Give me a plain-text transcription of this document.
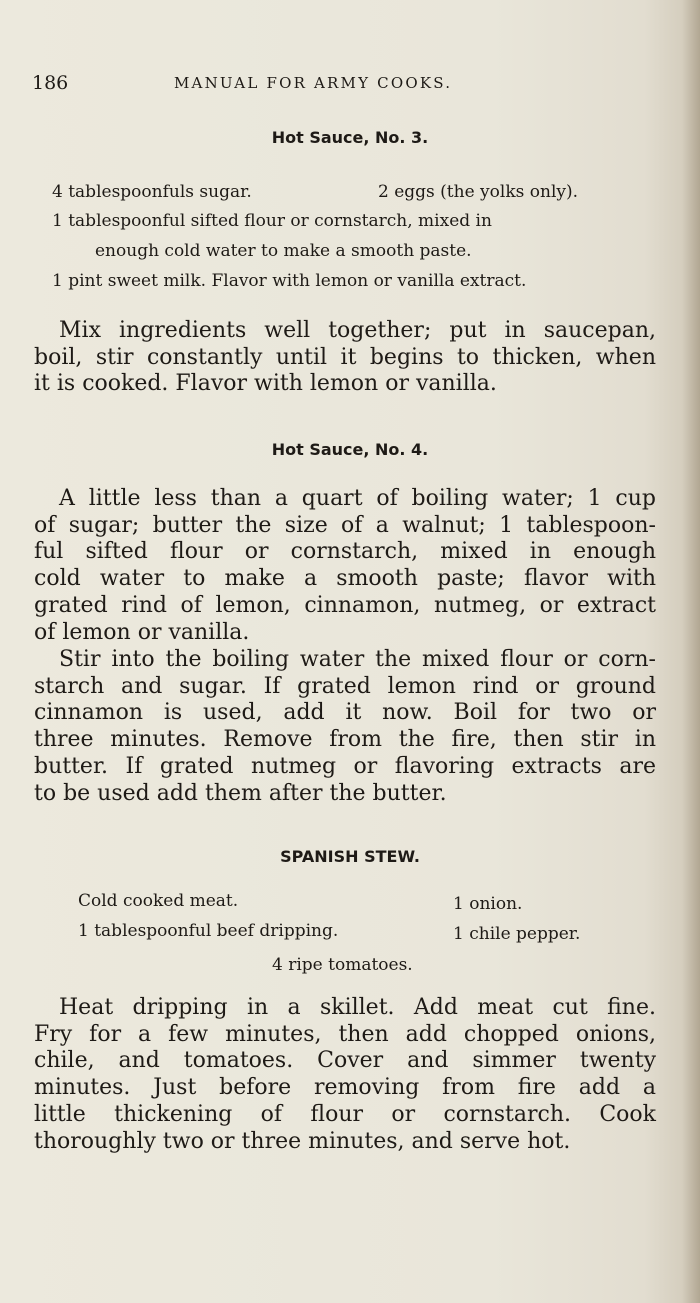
186	MANUAL FOR ARMY COOKS.
Hot Sauce, No. 3.
4 tablespoonfuls sugar.	2 eggs (the yolks only).
1 tablespoonful sifted flour or cornstarch, mixed in
enough cold water to make a smooth paste.
1 pint sweet milk. Flavor with lemon or vanilla extract.

Mix ingredients well together; put in saucepan,
boil, stir constantly until it begins to thicken, when
it is cooked. Flavor with lemon or vanilla.

Hot Sauce, No. 4.

A little less than a quart of boiling water; 1 cup
of sugar; butter the size of a walnut; 1 tablespoon-
ful sifted flour or cornstarch, mixed in enough
cold water to make a smooth paste; flavor with
grated rind of lemon, cinnamon, nutmeg, or extract
of lemon or vanilla.

Stir into the boiling water the mixed flour or corn-
starch and sugar. If grated lemon rind or ground
cinnamon is used, add it now. Boil for two or
three minutes. Remove from the fire, then stir in
butter. If grated nutmeg or flavoring extracts are
to be used add them after the butter.

SPANISH STEW.
Cold cooked meat.	1 onion.
1 tablespoonful beef dripping.	1 chile pepper.
4 ripe tomatoes.

Heat dripping in a skillet. Add meat cut fine.
Fry for a few minutes, then add chopped onions,
chile, and tomatoes. Cover and simmer twenty
minutes. Just before removing from fire add a
little thickening of flour or cornstarch. Cook
thoroughly two or three minutes, and serve hot.
